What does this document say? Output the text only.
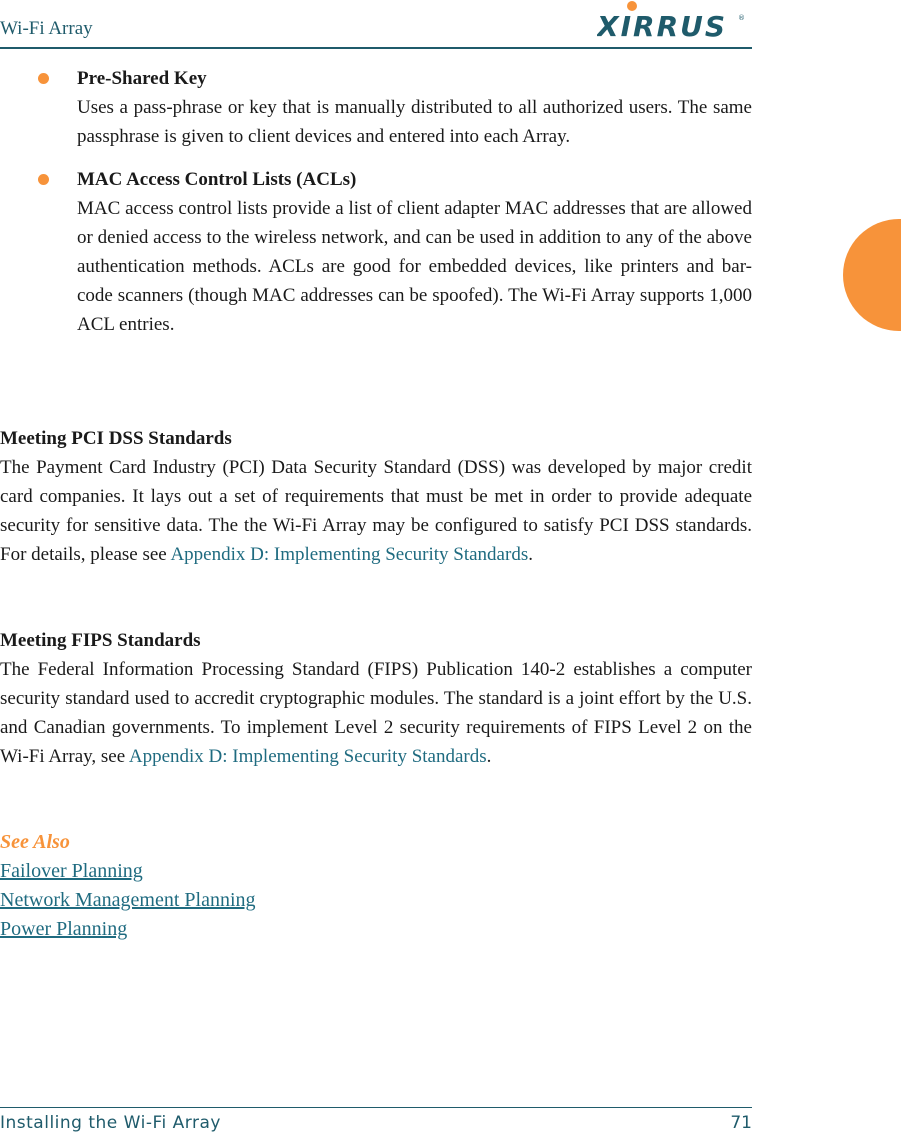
Wi-Fi Array	XIRRUS ®
Pre-Shared Key
Uses a pass-phrase or key that is manually distributed to all authorized users. The same passphrase is given to client devices and entered into each Array.
MAC Access Control Lists (ACLs)
MAC access control lists provide a list of client adapter MAC addresses that are allowed or denied access to the wireless network, and can be used in addition to any of the above authentication methods. ACLs are good for embedded devices, like printers and bar-code scanners (though MAC addresses can be spoofed). The Wi-Fi Array supports 1,000 ACL entries.
Meeting PCI DSS Standards
The Payment Card Industry (PCI) Data Security Standard (DSS) was developed by major credit card companies. It lays out a set of requirements that must be met in order to provide adequate security for sensitive data. The the Wi-Fi Array may be configured to satisfy PCI DSS standards. For details, please see Appendix D: Implementing Security Standards.
Meeting FIPS Standards
The Federal Information Processing Standard (FIPS) Publication 140-2 establishes a computer security standard used to accredit cryptographic modules. The standard is a joint effort by the U.S. and Canadian governments. To implement Level 2 security requirements of FIPS Level 2 on the Wi-Fi Array, see Appendix D: Implementing Security Standards.
See Also
Failover Planning
Network Management Planning
Power Planning
Installing the Wi-Fi Array	71
